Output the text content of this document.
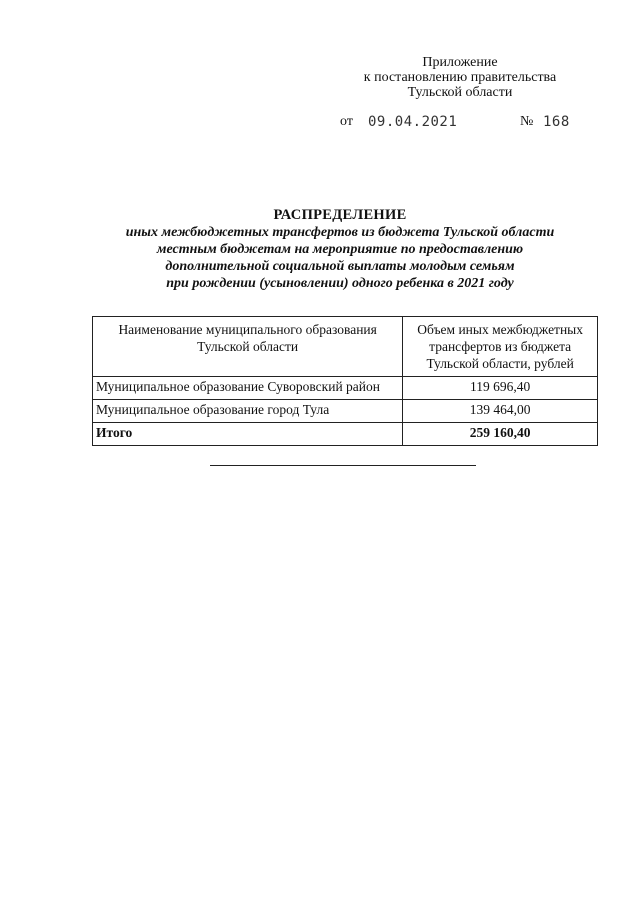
Приложение
к постановлению правительства
Тульской области
от 09.04.2021	№ 168
РАСПРЕДЕЛЕНИЕ
иных межбюджетных трансфертов из бюджета Тульской области
местным бюджетам на мероприятие по предоставлению
дополнительной социальной выплаты молодым семьям
при рождении (усыновлении) одного ребенка в 2021 году
Наименование муниципального образования Тульской области	Объем иных межбюджетных трансфертов из бюджета Тульской области, рублей
Муниципальное образование Суворовский район	119 696,40
Муниципальное образование город Тула	139 464,00
Итого	259 160,40
